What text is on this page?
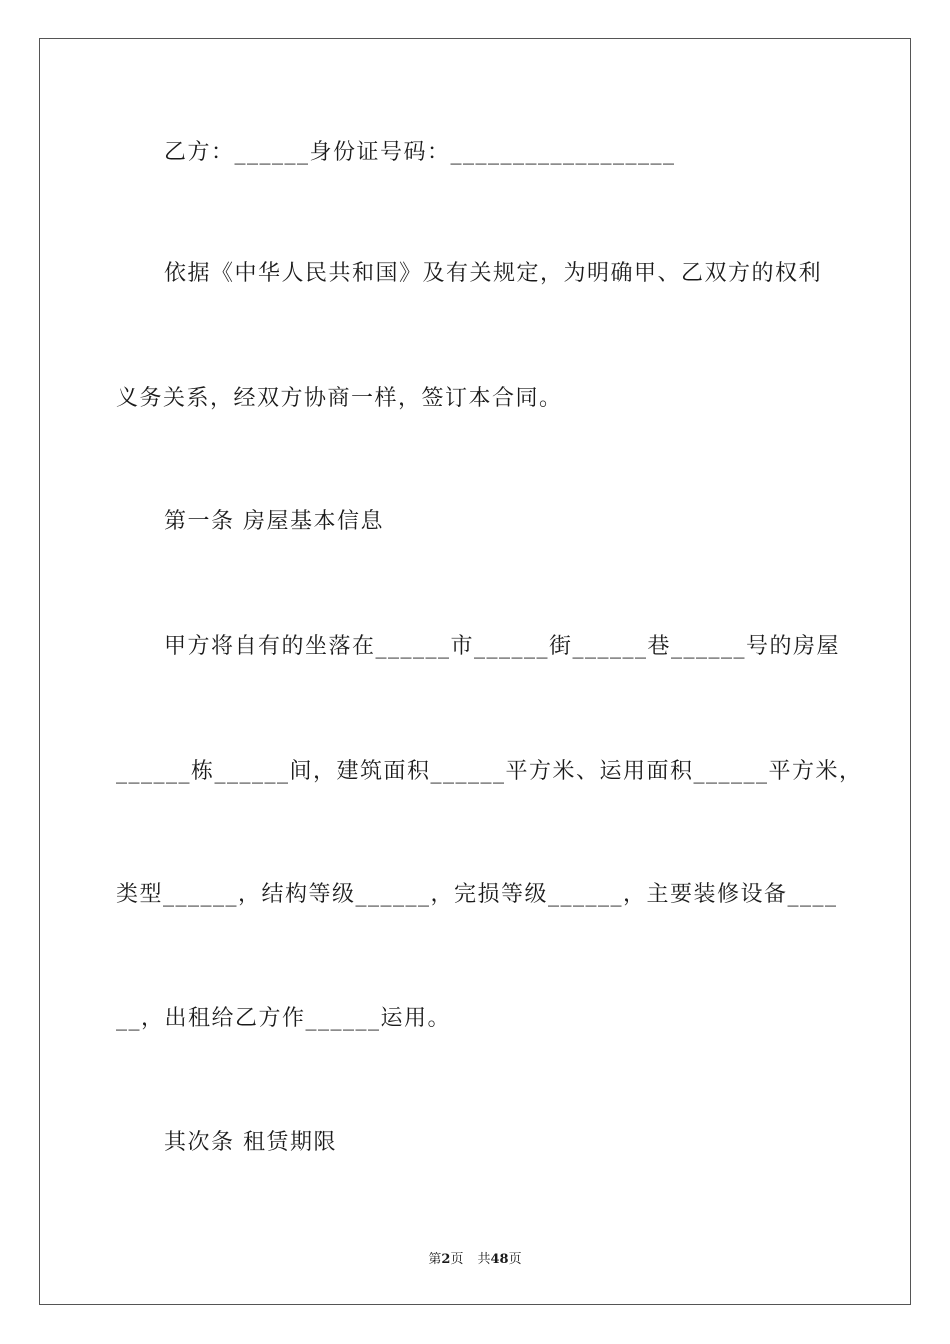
乙方：______身份证号码：__________________
依据《中华人民共和国》及有关规定，为明确甲、乙双方的权利
义务关系，经双方协商一样，签订本合同。
第一条 房屋基本信息
甲方将自有的坐落在______市______街______巷______号的房屋
______栋______间，建筑面积______平方米、运用面积______平方米，
类型______，结构等级______，完损等级______，主要装修设备____
__，出租给乙方作______运用。
其次条 租赁期限
第2页 共48页
